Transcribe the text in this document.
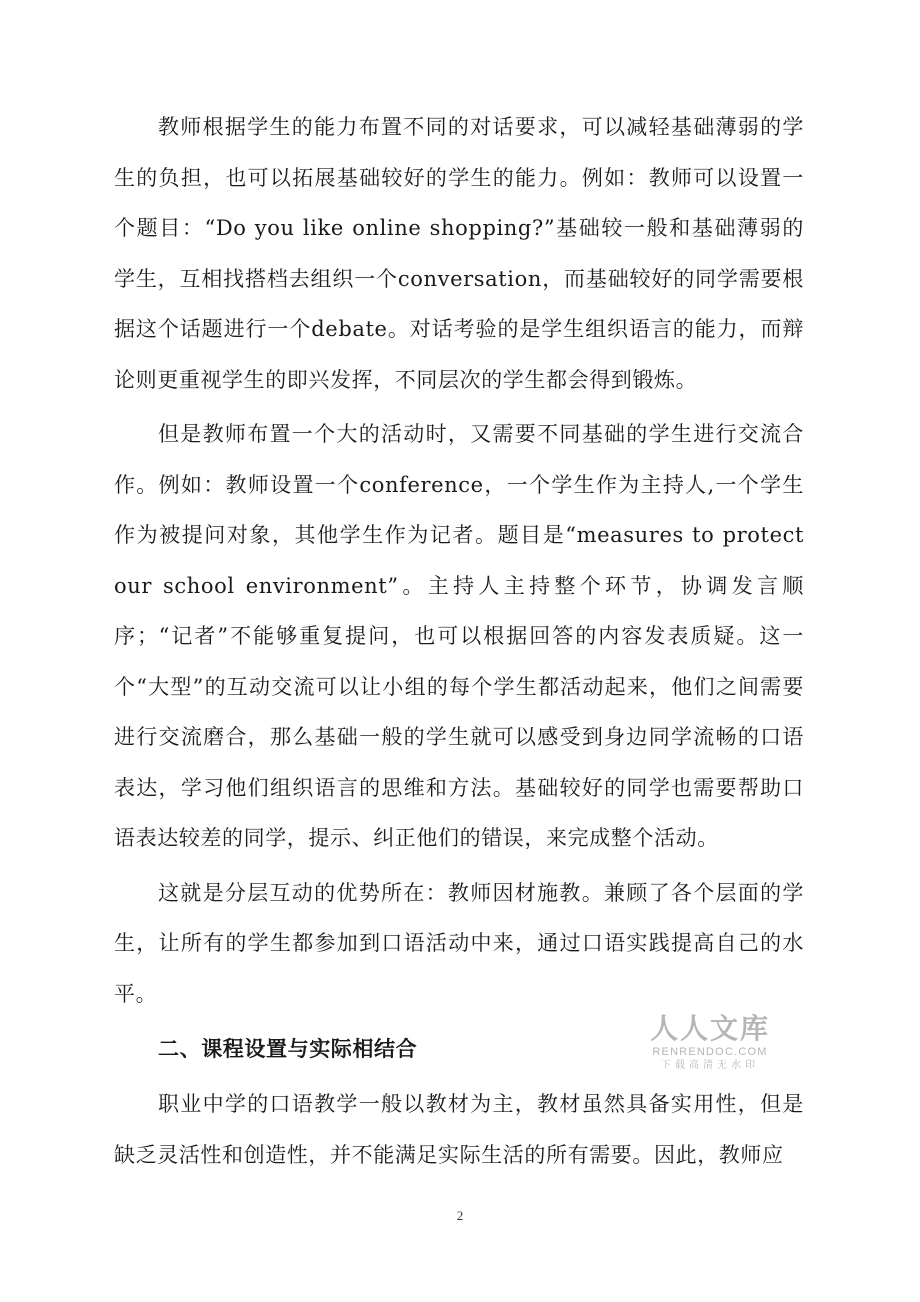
教师根据学生的能力布置不同的对话要求，可以减轻基础薄弱的学生的负担，也可以拓展基础较好的学生的能力。例如：教师可以设置一个题目：“Do you like online shopping?”基础较一般和基础薄弱的学生，互相找搭档去组织一个conversation，而基础较好的同学需要根据这个话题进行一个debate。对话考验的是学生组织语言的能力，而辩论则更重视学生的即兴发挥，不同层次的学生都会得到锻炼。

但是教师布置一个大的活动时，又需要不同基础的学生进行交流合作。例如：教师设置一个conference，一个学生作为主持人,一个学生作为被提问对象，其他学生作为记者。题目是“measures to protect our school environment”。主持人主持整个环节，协调发言顺序；“记者”不能够重复提问，也可以根据回答的内容发表质疑。这一个“大型”的互动交流可以让小组的每个学生都活动起来，他们之间需要进行交流磨合，那么基础一般的学生就可以感受到身边同学流畅的口语表达，学习他们组织语言的思维和方法。基础较好的同学也需要帮助口语表达较差的同学，提示、纠正他们的错误，来完成整个活动。

这就是分层互动的优势所在：教师因材施教。兼顾了各个层面的学生，让所有的学生都参加到口语活动中来，通过口语实践提高自己的水平。

二、课程设置与实际相结合

职业中学的口语教学一般以教材为主，教材虽然具备实用性，但是缺乏灵活性和创造性，并不能满足实际生活的所有需要。因此，教师应

人人文库
RENRENDOC.COM
下载高清无水印
2
